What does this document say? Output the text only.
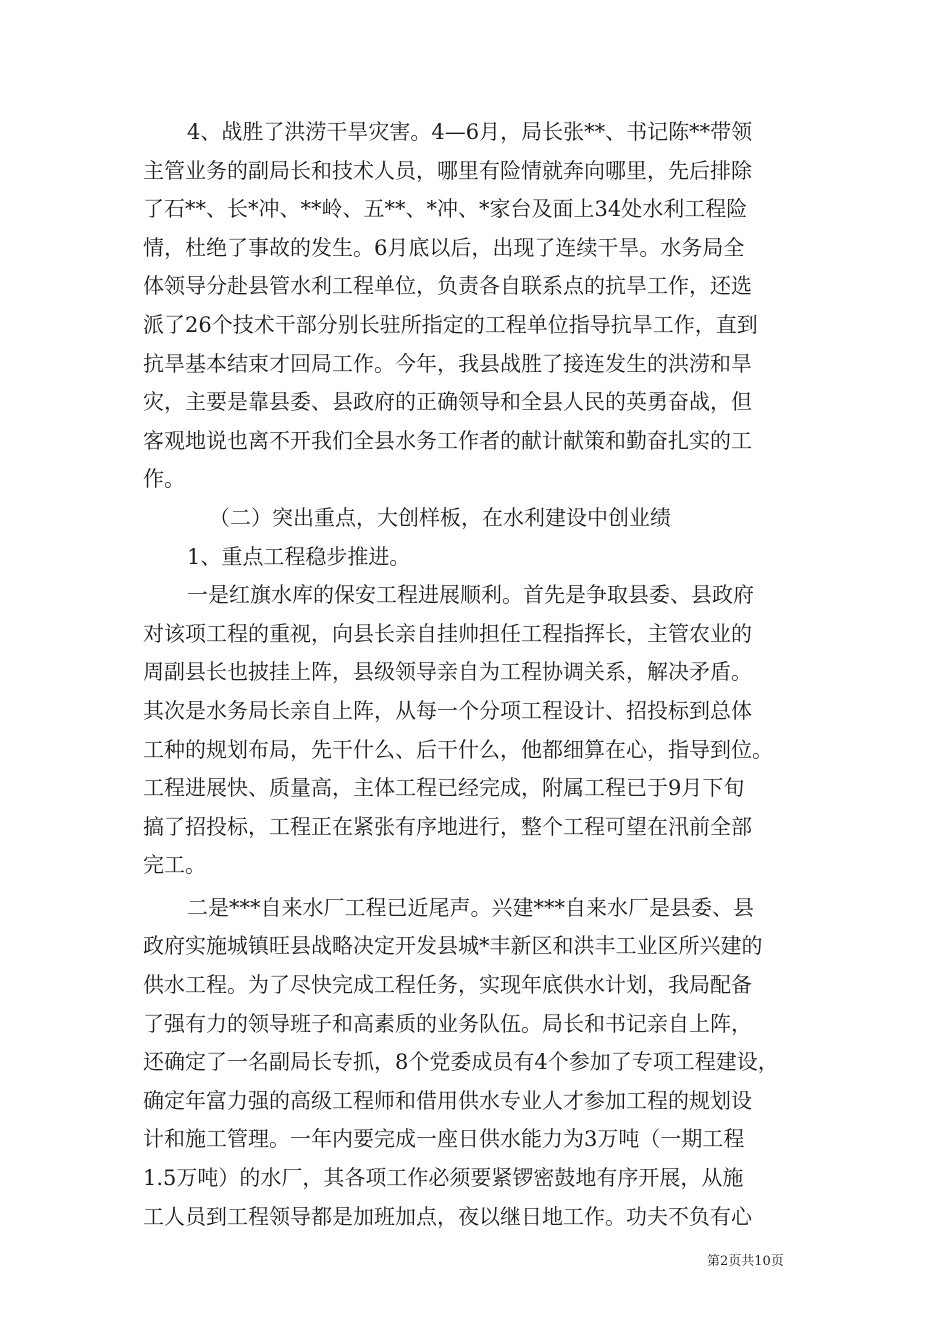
4、战胜了洪涝干旱灾害。4—6月，局长张**、书记陈**带领
主管业务的副局长和技术人员，哪里有险情就奔向哪里，先后排除
了石**、长*冲、**岭、五**、*冲、*家台及面上34处水利工程险
情，杜绝了事故的发生。6月底以后，出现了连续干旱。水务局全
体领导分赴县管水利工程单位，负责各自联系点的抗旱工作，还选
派了26个技术干部分别长驻所指定的工程单位指导抗旱工作，直到
抗旱基本结束才回局工作。今年，我县战胜了接连发生的洪涝和旱
灾，主要是靠县委、县政府的正确领导和全县人民的英勇奋战，但
客观地说也离不开我们全县水务工作者的献计献策和勤奋扎实的工
作。
（二）突出重点，大创样板，在水利建设中创业绩
1、重点工程稳步推进。
一是红旗水库的保安工程进展顺利。首先是争取县委、县政府
对该项工程的重视，向县长亲自挂帅担任工程指挥长，主管农业的
周副县长也披挂上阵，县级领导亲自为工程协调关系，解决矛盾。
其次是水务局长亲自上阵，从每一个分项工程设计、招投标到总体
工种的规划布局，先干什么、后干什么，他都细算在心，指导到位。
工程进展快、质量高，主体工程已经完成，附属工程已于9月下旬
搞了招投标，工程正在紧张有序地进行，整个工程可望在汛前全部
完工。
二是***自来水厂工程已近尾声。兴建***自来水厂是县委、县
政府实施城镇旺县战略决定开发县城*丰新区和洪丰工业区所兴建的
供水工程。为了尽快完成工程任务，实现年底供水计划，我局配备
了强有力的领导班子和高素质的业务队伍。局长和书记亲自上阵，
还确定了一名副局长专抓，8个党委成员有4个参加了专项工程建设，
确定年富力强的高级工程师和借用供水专业人才参加工程的规划设
计和施工管理。一年内要完成一座日供水能力为3万吨（一期工程
1.5万吨）的水厂，其各项工作必须要紧锣密鼓地有序开展，从施
工人员到工程领导都是加班加点，夜以继日地工作。功夫不负有心
第2页共10页
